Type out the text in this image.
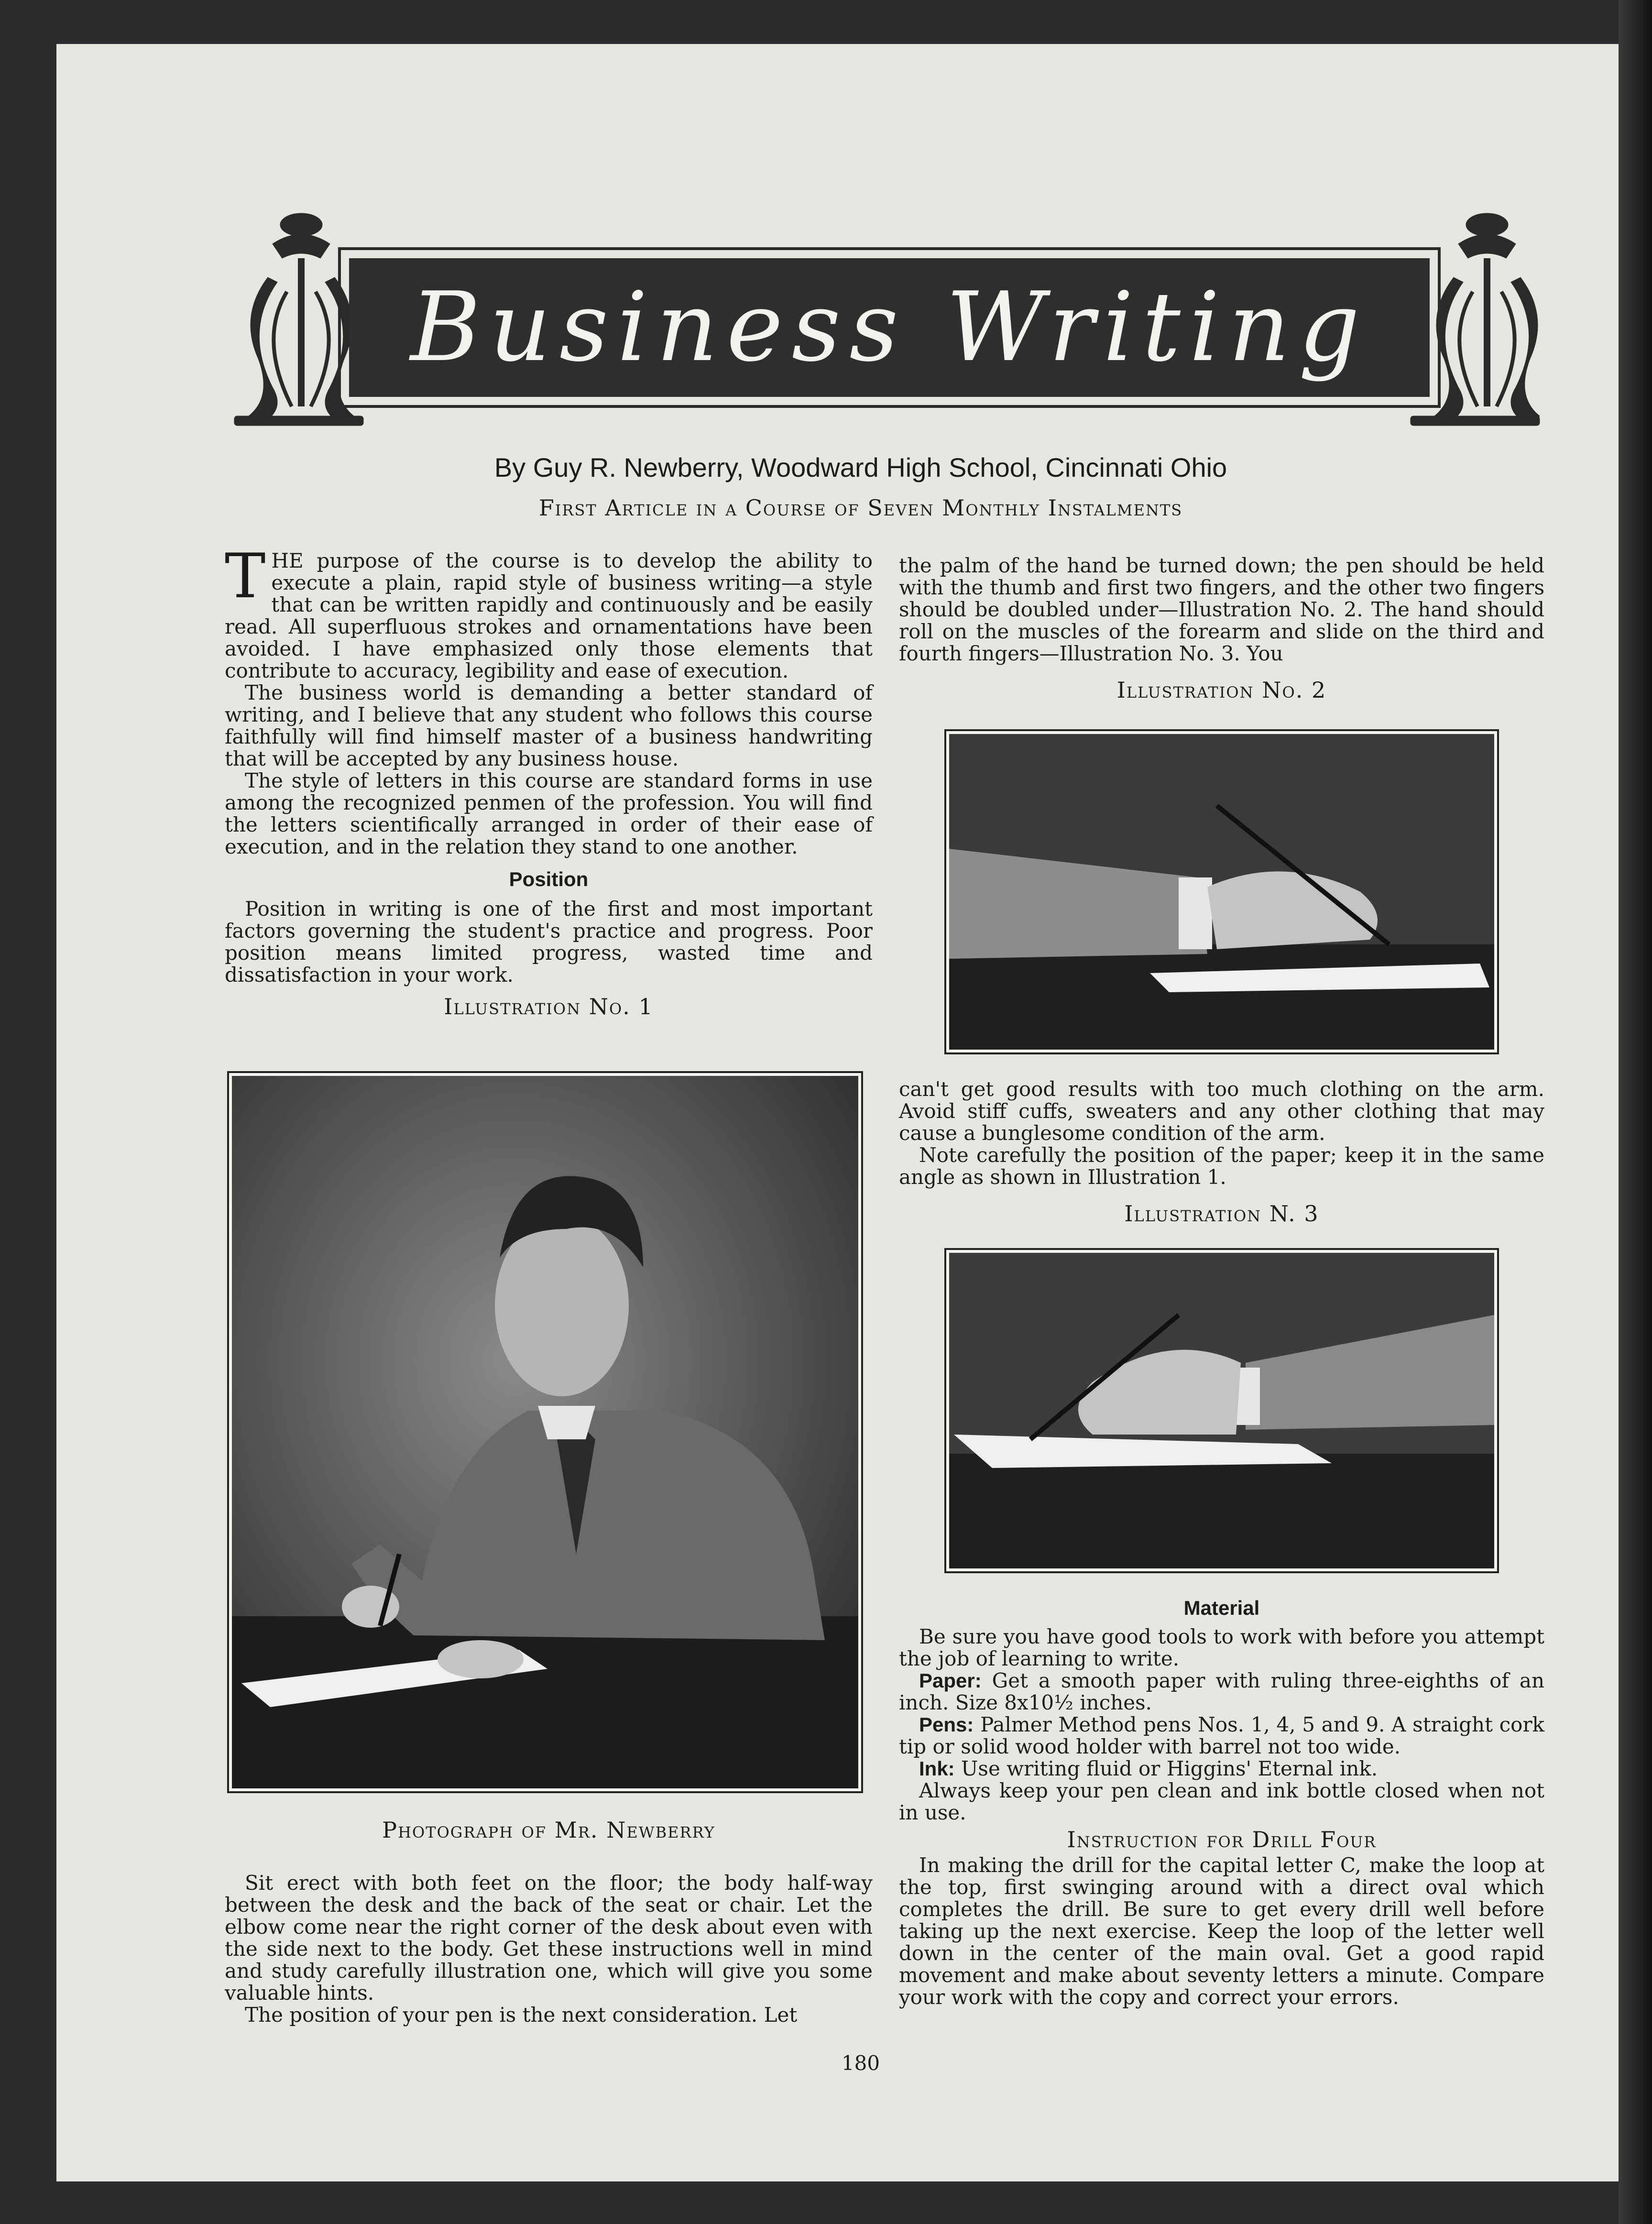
Business Writing
By Guy R. Newberry, Woodward High School, Cincinnati Ohio
First Article in a Course of Seven Monthly Instalments

THE purpose of the course is to develop the ability to execute a plain, rapid style of business writing—a style that can be written rapidly and continuously and be easily read. All superfluous strokes and ornamentations have been avoided. I have emphasized only those elements that contribute to accuracy, legibility and ease of execution.

The business world is demanding a better standard of writing, and I believe that any student who follows this course faithfully will find himself master of a business handwriting that will be accepted by any business house.

The style of letters in this course are standard forms in use among the recognized penmen of the profession. You will find the letters scientifically arranged in order of their ease of execution, and in the relation they stand to one another.

Position

Position in writing is one of the first and most important factors governing the student's practice and progress. Poor position means limited progress, wasted time and dissatisfaction in your work.

Illustration No. 1
Photograph of Mr. Newberry

Sit erect with both feet on the floor; the body half-way between the desk and the back of the seat or chair. Let the elbow come near the right corner of the desk about even with the side next to the body. Get these instructions well in mind and study carefully illustration one, which will give you some valuable hints.

The position of your pen is the next consideration. Let

the palm of the hand be turned down; the pen should be held with the thumb and first two fingers, and the other two fingers should be doubled under—Illustration No. 2. The hand should roll on the muscles of the forearm and slide on the third and fourth fingers—Illustration No. 3. You

Illustration No. 2

can't get good results with too much clothing on the arm. Avoid stiff cuffs, sweaters and any other clothing that may cause a bunglesome condition of the arm.

Note carefully the position of the paper; keep it in the same angle as shown in Illustration 1.

Illustration N. 3
Material

Be sure you have good tools to work with before you attempt the job of learning to write.

Paper: Get a smooth paper with ruling three-eighths of an inch. Size 8x10½ inches.

Pens: Palmer Method pens Nos. 1, 4, 5 and 9. A straight cork tip or solid wood holder with barrel not too wide.

Ink: Use writing fluid or Higgins' Eternal ink.

Always keep your pen clean and ink bottle closed when not in use.

Instruction for Drill Four

In making the drill for the capital letter C, make the loop at the top, first swinging around with a direct oval which completes the drill. Be sure to get every drill well before taking up the next exercise. Keep the loop of the letter well down in the center of the main oval. Get a good rapid movement and make about seventy letters a minute. Compare your work with the copy and correct your errors.

180
